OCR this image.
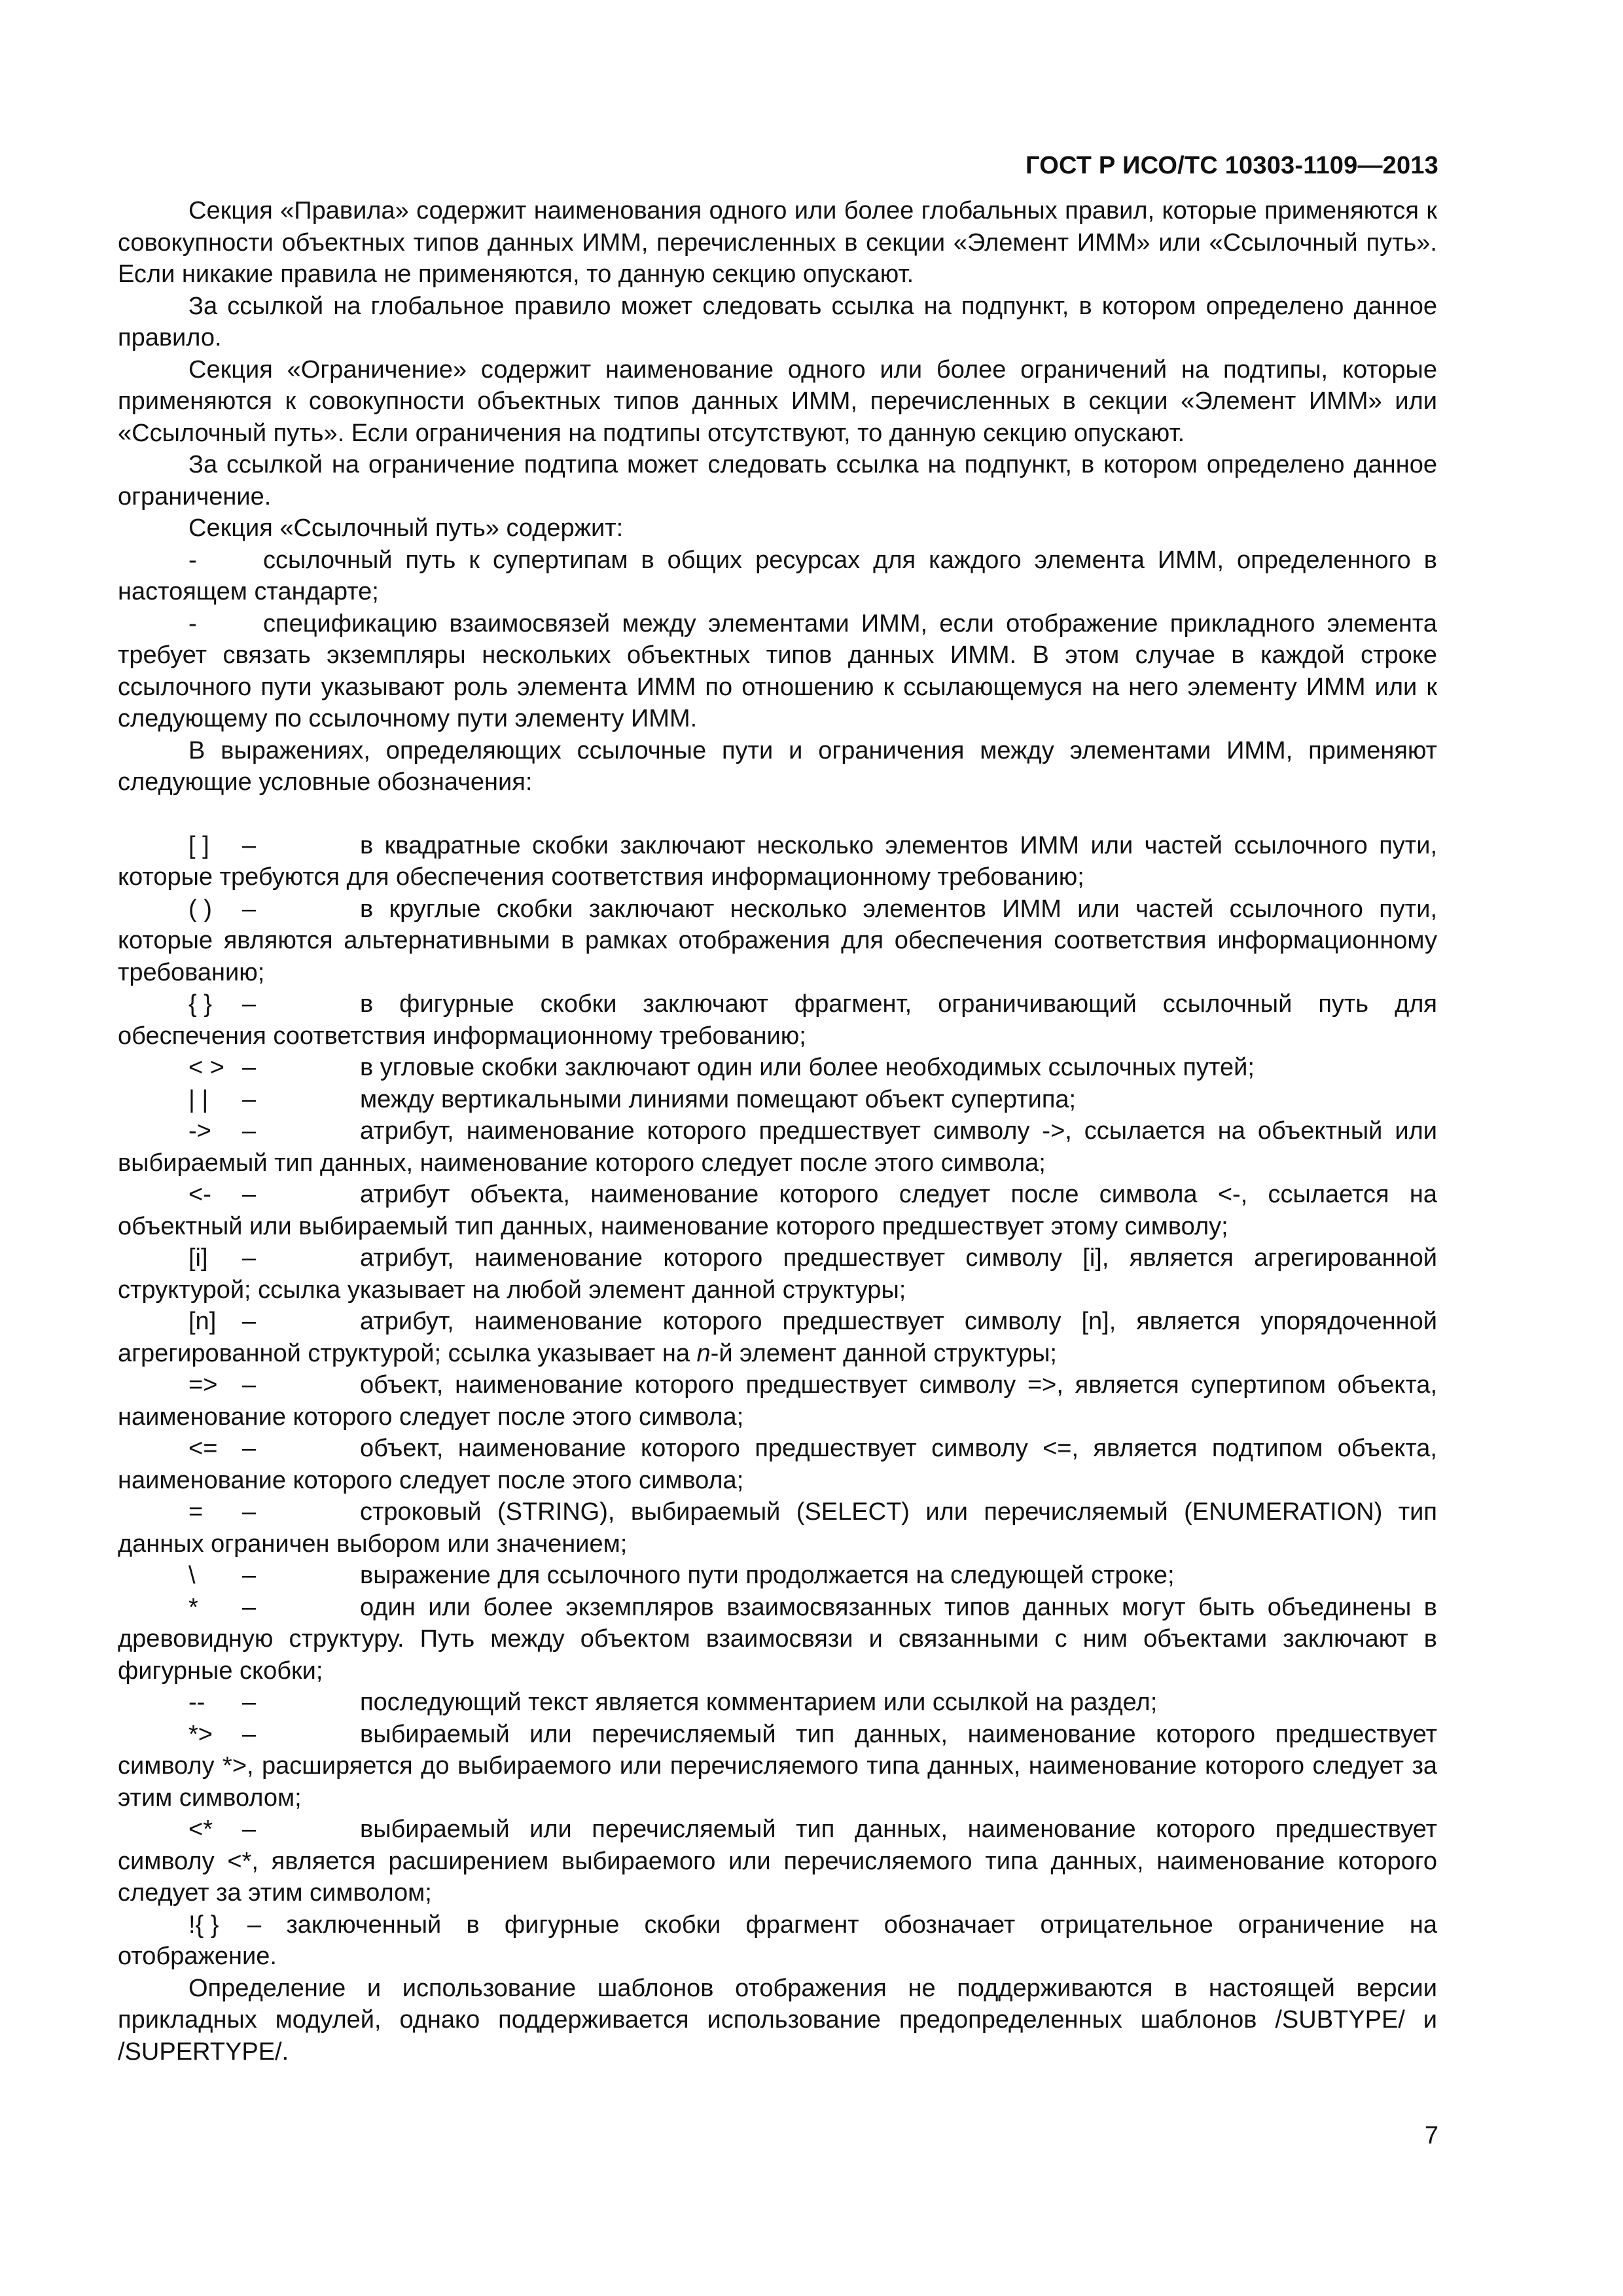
ГОСТ Р ИСО/ТС 10303-1109—2013

Секция «Правила» содержит наименования одного или более глобальных правил, которые применяются к совокупности объектных типов данных ИММ, перечисленных в секции «Элемент ИММ» или «Ссылочный путь». Если никакие правила не применяются, то данную секцию опускают.

За ссылкой на глобальное правило может следовать ссылка на подпункт, в котором определено данное правило.

Секция «Ограничение» содержит наименование одного или более ограничений на подтипы, которые применяются к совокупности объектных типов данных ИММ, перечисленных в секции «Элемент ИММ» или «Ссылочный путь». Если ограничения на подтипы отсутствуют, то данную секцию опускают.

За ссылкой на ограничение подтипа может следовать ссылка на подпункт, в котором определено данное ограничение.

Секция «Ссылочный путь» содержит:

-	ссылочный путь к супертипам в общих ресурсах для каждого элемента ИММ, определенного в настоящем стандарте;
-	спецификацию взаимосвязей между элементами ИММ, если отображение прикладного элемента требует связать экземпляры нескольких объектных типов данных ИММ. В этом случае в каждой строке ссылочного пути указывают роль элемента ИММ по отношению к ссылающемуся на него элементу ИММ или к следующему по ссылочному пути элементу ИММ.

В выражениях, определяющих ссылочные пути и ограничения между элементами ИММ, применяют следующие условные обозначения:

[ ] –	в квадратные скобки заключают несколько элементов ИММ или частей ссылочного пути, которые требуются для обеспечения соответствия информационному требованию;
( ) –	в круглые скобки заключают несколько элементов ИММ или частей ссылочного пути, которые являются альтернативными в рамках отображения для обеспечения соответствия информационному требованию;
{ } –	в фигурные скобки заключают фрагмент, ограничивающий ссылочный путь для обеспечения соответствия информационному требованию;
< > –	в угловые скобки заключают один или более необходимых ссылочных путей;
| | –	между вертикальными линиями помещают объект супертипа;
-> –	атрибут, наименование которого предшествует символу ->, ссылается на объектный или выбираемый тип данных, наименование которого следует после этого символа;
<- –	атрибут объекта, наименование которого следует после символа <-, ссылается на объектный или выбираемый тип данных, наименование которого предшествует этому символу;
[i] –	атрибут, наименование которого предшествует символу [i], является агрегированной структурой; ссылка указывает на любой элемент данной структуры;
[n] –	атрибут, наименование которого предшествует символу [n], является упорядоченной агрегированной структурой; ссылка указывает на n-й элемент данной структуры;
=> –	объект, наименование которого предшествует символу =>, является супертипом объекта, наименование которого следует после этого символа;
<= –	объект, наименование которого предшествует символу <=, является подтипом объекта, наименование которого следует после этого символа;
= –	строковый (STRING), выбираемый (SELECT) или перечисляемый (ENUMERATION) тип данных ограничен выбором или значением;
\ –	выражение для ссылочного пути продолжается на следующей строке;
* –	один или более экземпляров взаимосвязанных типов данных могут быть объединены в древовидную структуру. Путь между объектом взаимосвязи и связанными с ним объектами заключают в фигурные скобки;
-- –	последующий текст является комментарием или ссылкой на раздел;
*> –	выбираемый или перечисляемый тип данных, наименование которого предшествует символу *>, расширяется до выбираемого или перечисляемого типа данных, наименование которого следует за этим символом;
<* –	выбираемый или перечисляемый тип данных, наименование которого предшествует символу <*, является расширением выбираемого или перечисляемого типа данных, наименование которого следует за этим символом;
!{ } – заключенный в фигурные скобки фрагмент обозначает отрицательное ограничение на отображение.

Определение и использование шаблонов отображения не поддерживаются в настоящей версии прикладных модулей, однако поддерживается использование предопределенных шаблонов /SUBTYPE/ и /SUPERTYPE/.

7
